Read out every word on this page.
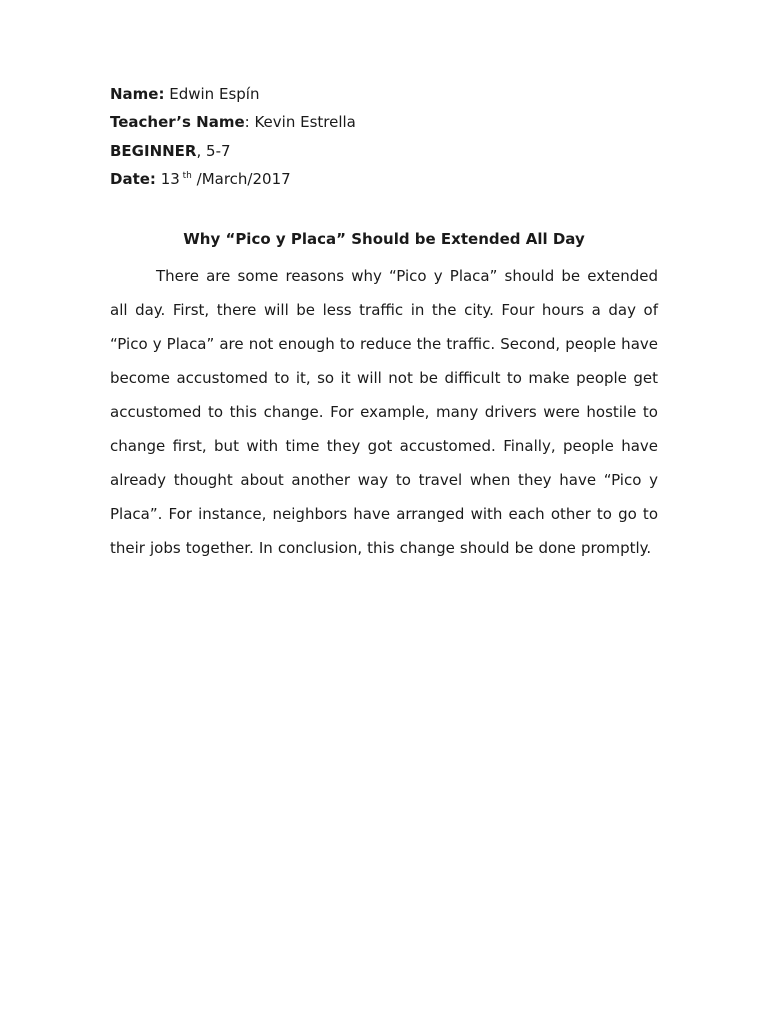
Name: Edwin Espín
Teacher’s Name: Kevin Estrella
BEGINNER, 5-7
Date: 13 $^{th}$ /March/2017
Why “Pico y Placa” Should be Extended All Day

There are some reasons why “Pico y Placa” should be extended all day. First, there will be less traffic in the city. Four hours a day of “Pico y Placa” are not enough to reduce the traffic. Second, people have become accustomed to it, so it will not be difficult to make people get accustomed to this change. For example, many drivers were hostile to change first, but with time they got accustomed. Finally, people have already thought about another way to travel when they have “Pico y Placa”. For instance, neighbors have arranged with each other to go to their jobs together. In conclusion, this change should be done promptly.
